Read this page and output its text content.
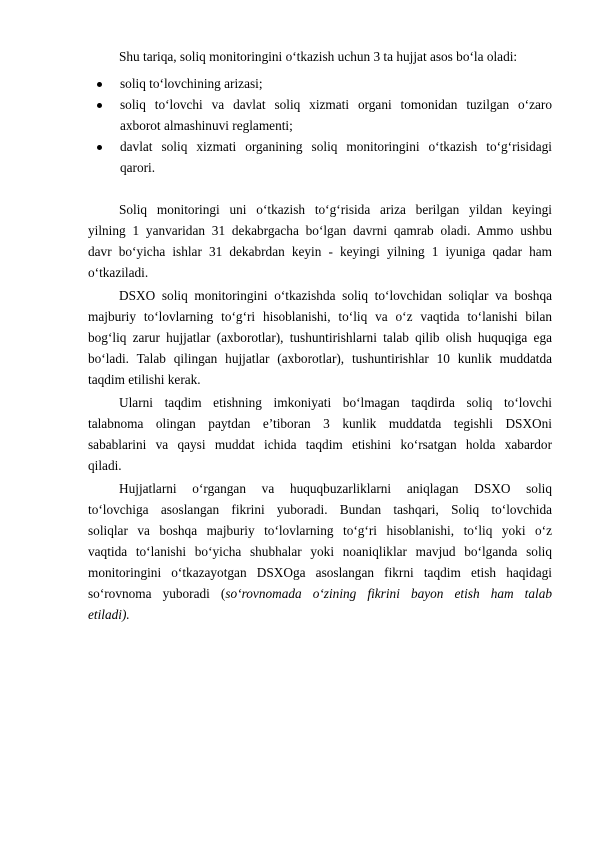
Shu tariqa, soliq monitoringini o‘tkazish uchun 3 ta hujjat asos bo‘la oladi:
soliq to‘lovchining arizasi;
soliq to‘lovchi va davlat soliq xizmati organi tomonidan tuzilgan o‘zaro
axborot almashinuvi reglamenti;
davlat soliq xizmati organining soliq monitoringini o‘tkazish to‘g‘risidagi
qarori.
Soliq monitoringi uni o‘tkazish to‘g‘risida ariza berilgan yildan keyingi
yilning 1 yanvaridan 31 dekabrgacha bo‘lgan davrni qamrab oladi. Ammo ushbu
davr bo‘yicha ishlar 31 dekabrdan keyin - keyingi yilning 1 iyuniga qadar ham
o‘tkaziladi.
DSXO soliq monitoringini o‘tkazishda soliq to‘lovchidan soliqlar va boshqa
majburiy to‘lovlarning to‘g‘ri hisoblanishi, to‘liq va o‘z vaqtida to‘lanishi bilan
bog‘liq zarur hujjatlar (axborotlar), tushuntirishlarni talab qilib olish huquqiga ega
bo‘ladi. Talab qilingan hujjatlar (axborotlar), tushuntirishlar 10 kunlik muddatda
taqdim etilishi kerak.
Ularni taqdim etishning imkoniyati bo‘lmagan taqdirda soliq to‘lovchi
talabnoma olingan paytdan e’tiboran 3 kunlik muddatda tegishli DSXOni
sabablarini va qaysi muddat ichida taqdim etishini ko‘rsatgan holda xabardor
qiladi.
Hujjatlarni o‘rgangan va huquqbuzarliklarni aniqlagan DSXO soliq
to‘lovchiga asoslangan fikrini yuboradi. Bundan tashqari, Soliq to‘lovchida
soliqlar va boshqa majburiy to‘lovlarning to‘g‘ri hisoblanishi, to‘liq yoki o‘z
vaqtida to‘lanishi bo‘yicha shubhalar yoki noaniqliklar mavjud bo‘lganda soliq
monitoringini o‘tkazayotgan DSXOga asoslangan fikrni taqdim etish haqidagi
so‘rovnoma yuboradi (so‘rovnomada o‘zining fikrini bayon etish ham talab
etiladi).
